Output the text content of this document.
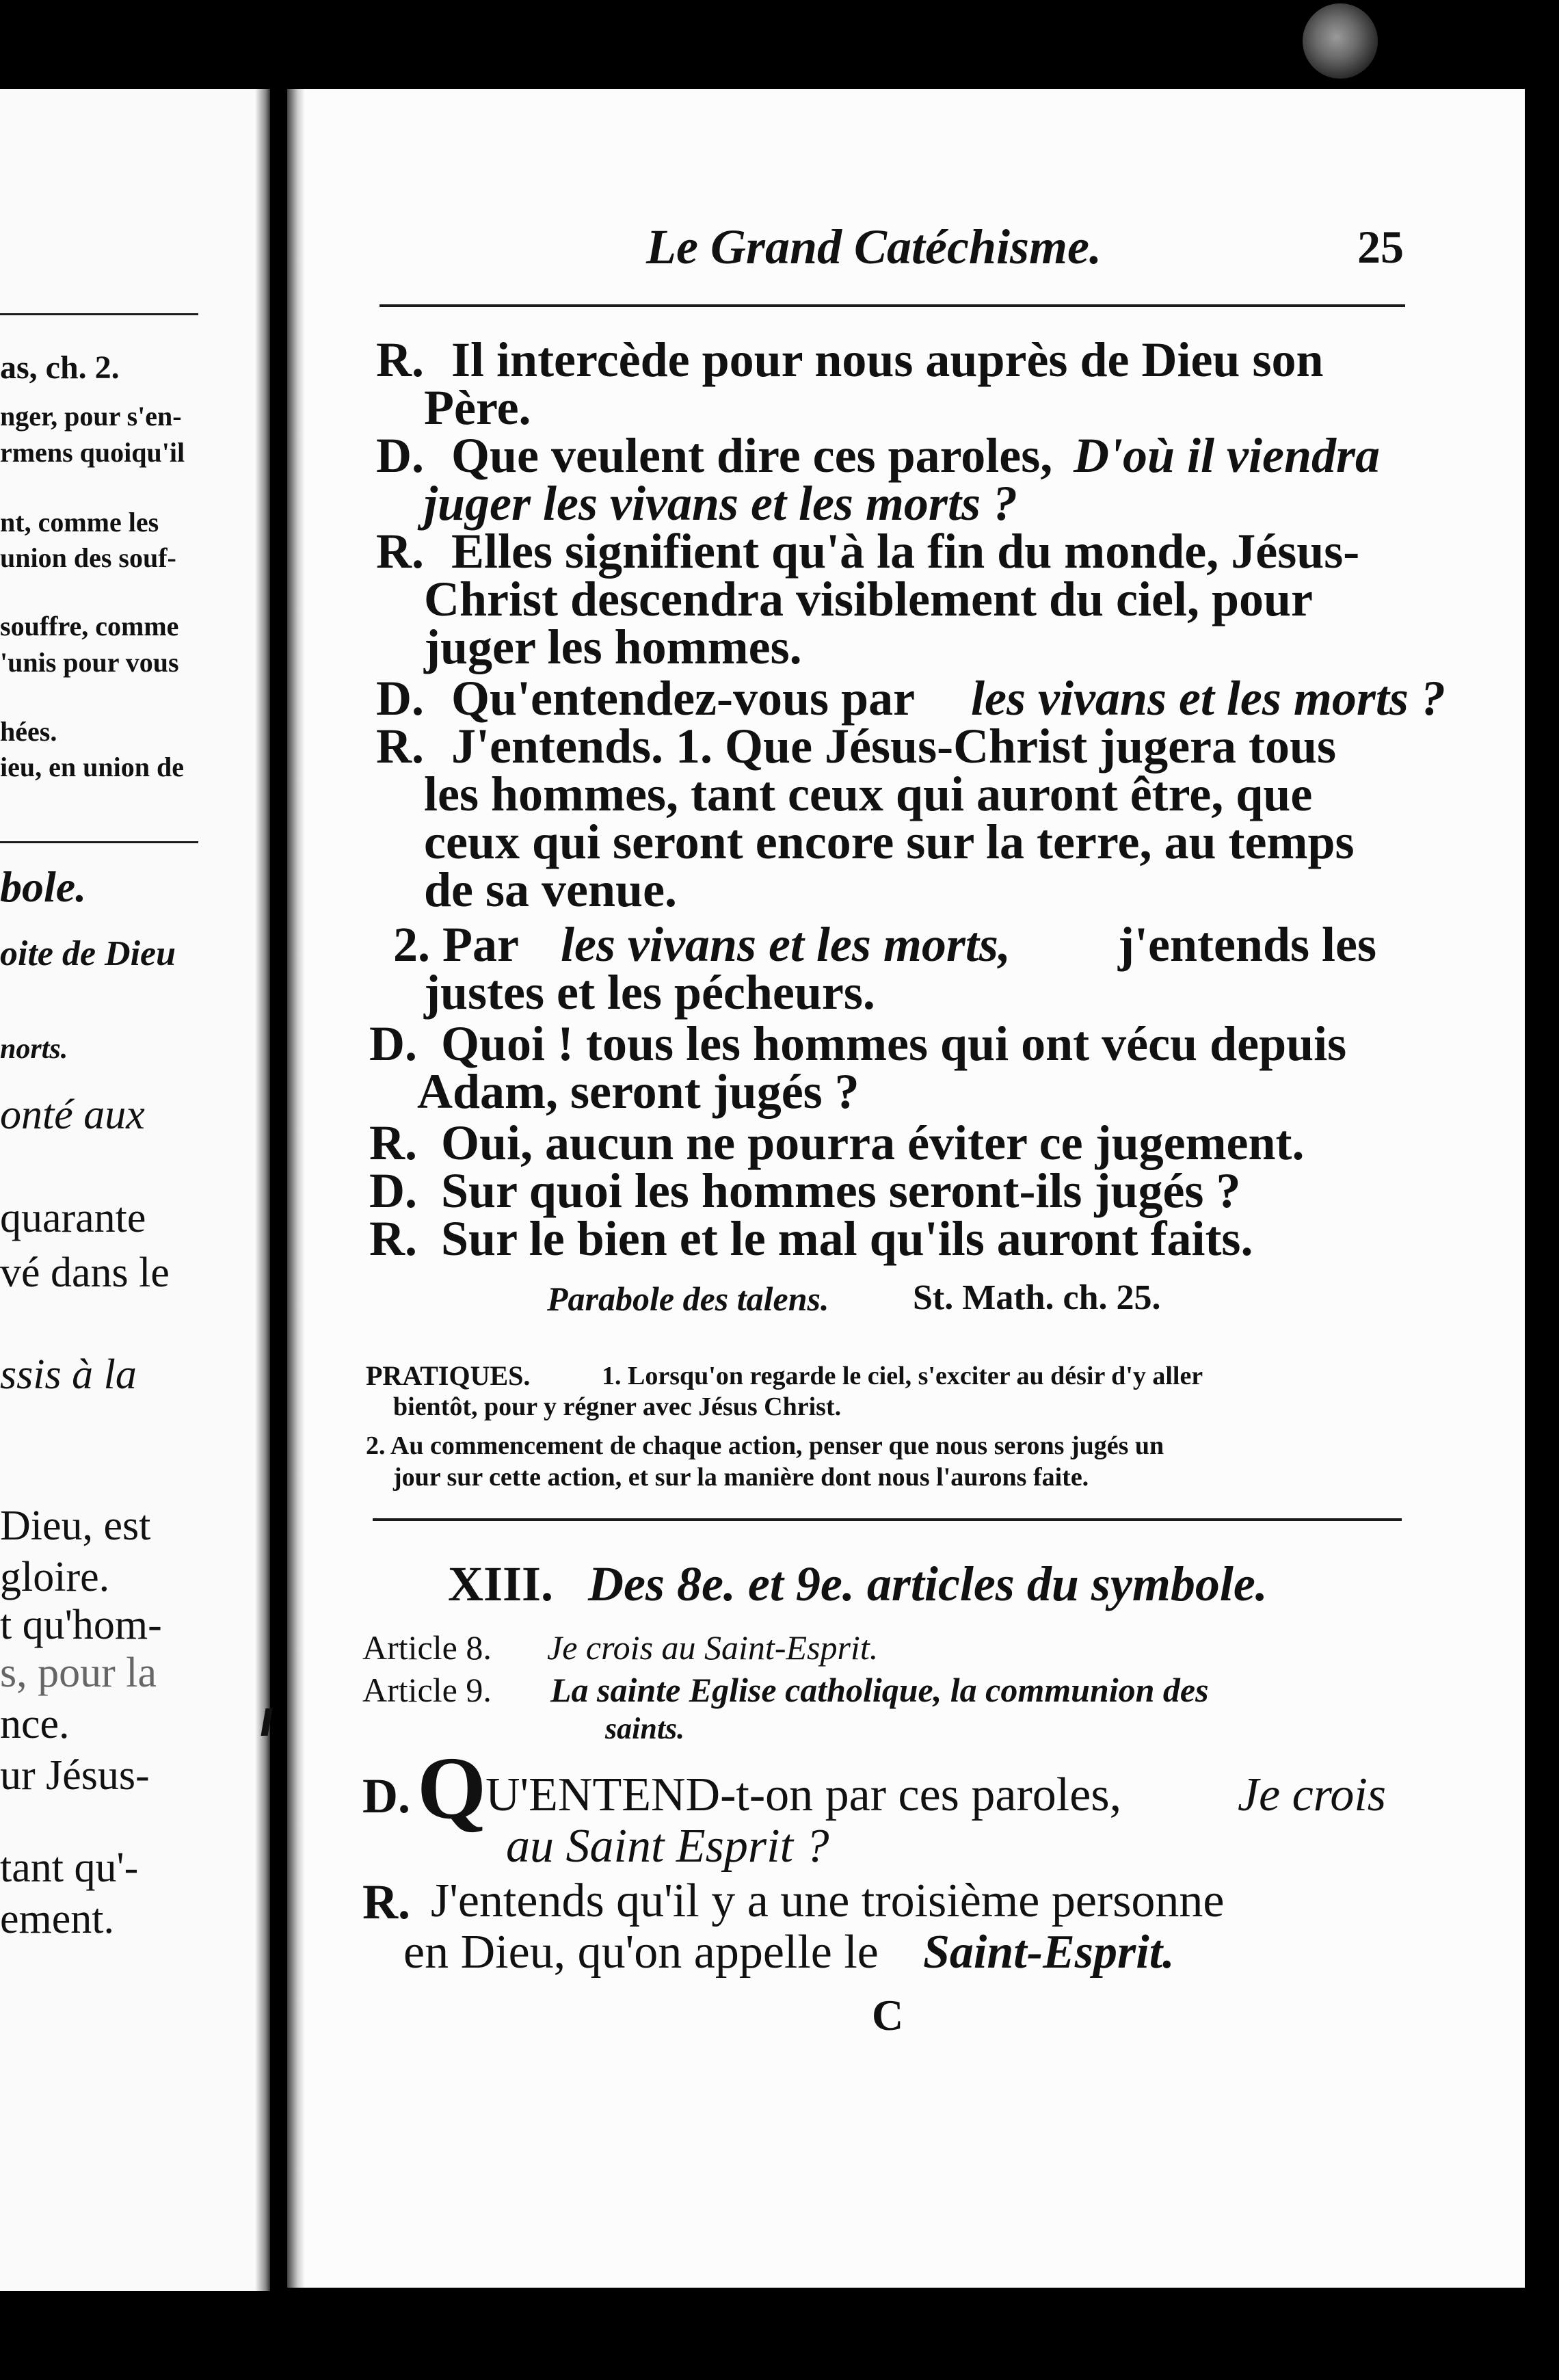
as, ch. 2.
nger, pour s'en-
rmens quoiqu'il
nt, comme les
union des souf-
souffre, comme
'unis pour vous
hées.
ieu, en union de
bole.
oite de Dieu
norts.
onté aux
quarante
vé dans le
ssis à la
Dieu, est
gloire.
t qu'hom-
s, pour la
nce.
ur Jésus-
tant qu'-
ement.
Le Grand Catéchisme.	25
R. Il intercède pour nous auprès de Dieu son
Père.
D. Que veulent dire ces paroles, D'où il viendra
juger les vivans et les morts ?
R. Elles signifient qu'à la fin du monde, Jésus-
Christ descendra visiblement du ciel, pour
juger les hommes.
D. Qu'entendez-vous par les vivans et les morts ?
R. J'entends. 1. Que Jésus-Christ jugera tous
les hommes, tant ceux qui auront être, que
ceux qui seront encore sur la terre, au temps
de sa venue.
2. Par les vivans et les morts, j'entends les
justes et les pécheurs.
D. Quoi ! tous les hommes qui ont vécu depuis
Adam, seront jugés ?
R. Oui, aucun ne pourra éviter ce jugement.
D. Sur quoi les hommes seront-ils jugés ?
R. Sur le bien et le mal qu'ils auront faits.
Parabole des talens. St. Math. ch. 25.
PRATIQUES.	1. Lorsqu'on regarde le ciel, s'exciter au désir d'y aller
bientôt, pour y régner avec Jésus Christ.
2. Au commencement de chaque action, penser que nous serons jugés un
jour sur cette action, et sur la manière dont nous l'aurons faite.
XIII. Des 8e. et 9e. articles du symbole.
Article 8. Je crois au Saint-Esprit.
Article 9. La sainte Eglise catholique, la communion des
saints.
D. Q
U'ENTEND-t-on par ces paroles, Je crois
au Saint Esprit ?
R. J'entends qu'il y a une troisième personne
en Dieu, qu'on appelle le Saint-Esprit.
C
